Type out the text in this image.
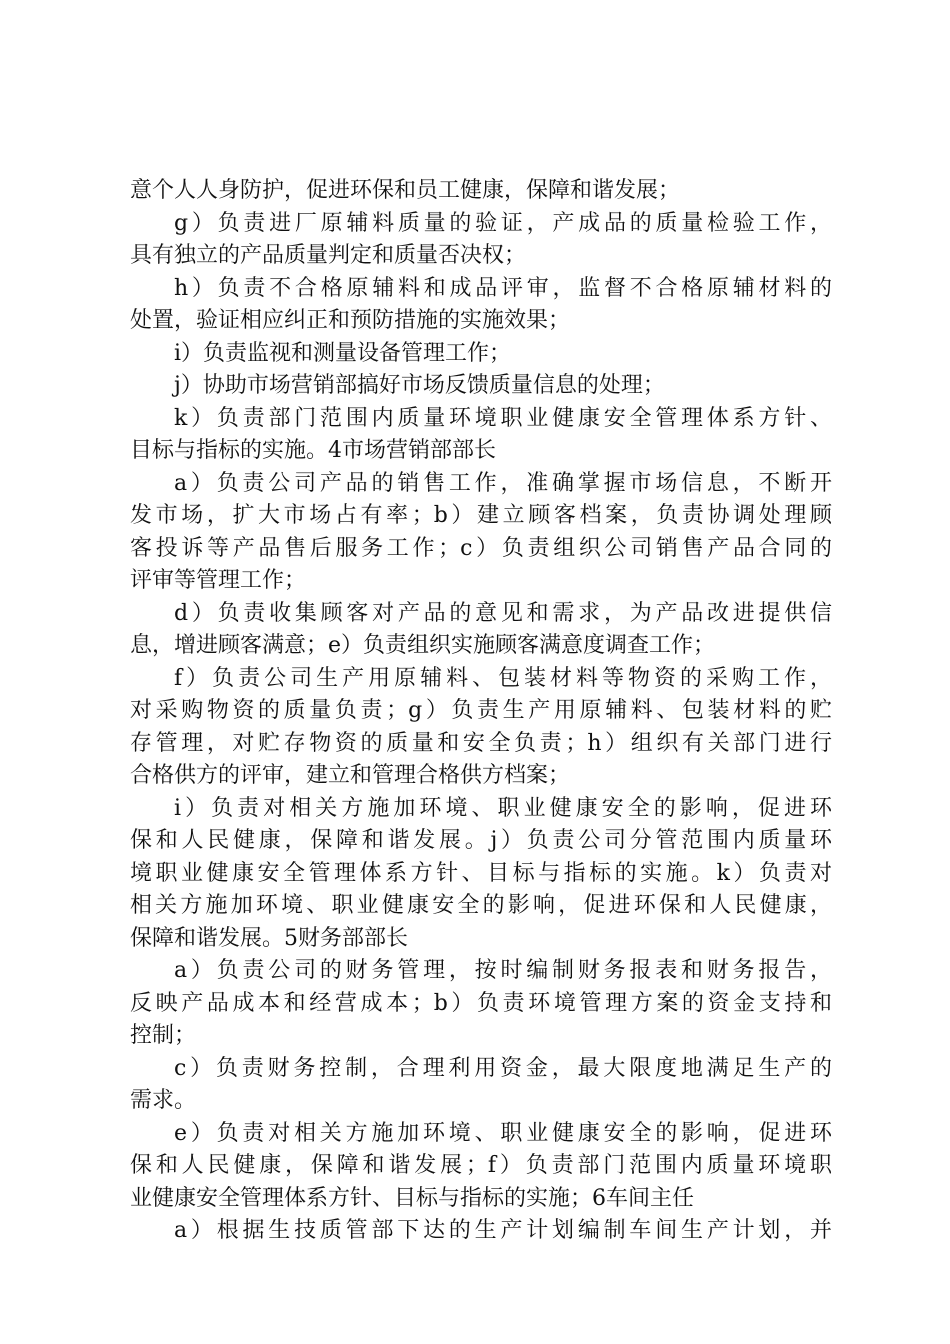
意个人人身防护，促进环保和员工健康，保障和谐发展；
g）负责进厂原辅料质量的验证，产成品的质量检验工作，
具有独立的产品质量判定和质量否决权；
h）负责不合格原辅料和成品评审，监督不合格原辅材料的
处置，验证相应纠正和预防措施的实施效果；
i）负责监视和测量设备管理工作；
j）协助市场营销部搞好市场反馈质量信息的处理；
k）负责部门范围内质量环境职业健康安全管理体系方针、
目标与指标的实施。4市场营销部部长
a）负责公司产品的销售工作，准确掌握市场信息，不断开
发市场，扩大市场占有率；b）建立顾客档案，负责协调处理顾
客投诉等产品售后服务工作；c）负责组织公司销售产品合同的
评审等管理工作；
d）负责收集顾客对产品的意见和需求，为产品改进提供信
息，增进顾客满意；e）负责组织实施顾客满意度调查工作；
f）负责公司生产用原辅料、包装材料等物资的采购工作，
对采购物资的质量负责；g）负责生产用原辅料、包装材料的贮
存管理，对贮存物资的质量和安全负责；h）组织有关部门进行
合格供方的评审，建立和管理合格供方档案；
i）负责对相关方施加环境、职业健康安全的影响，促进环
保和人民健康，保障和谐发展。j）负责公司分管范围内质量环
境职业健康安全管理体系方针、目标与指标的实施。k）负责对
相关方施加环境、职业健康安全的影响，促进环保和人民健康，
保障和谐发展。5财务部部长
a）负责公司的财务管理，按时编制财务报表和财务报告，
反映产品成本和经营成本；b）负责环境管理方案的资金支持和
控制；
c）负责财务控制，合理利用资金，最大限度地满足生产的
需求。
e）负责对相关方施加环境、职业健康安全的影响，促进环
保和人民健康，保障和谐发展；f）负责部门范围内质量环境职
业健康安全管理体系方针、目标与指标的实施；6车间主任
a）根据生技质管部下达的生产计划编制车间生产计划，并
